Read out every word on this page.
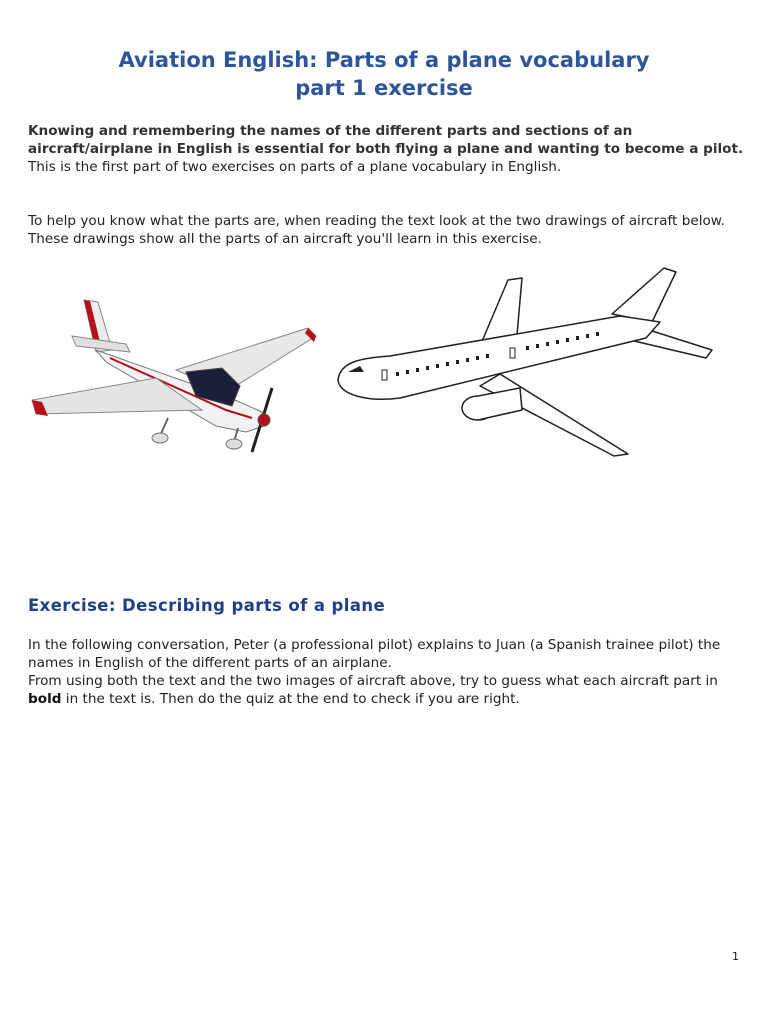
Aviation English: Parts of a plane vocabulary
part 1 exercise

Knowing and remembering the names of the different parts and sections of an aircraft/airplane in English is essential for both flying a plane and wanting to become a pilot.
This is the first part of two exercises on parts of a plane vocabulary in English.

To help you know what the parts are, when reading the text look at the two drawings of aircraft below. These drawings show all the parts of an aircraft you'll learn in this exercise.

Exercise: Describing parts of a plane

In the following conversation, Peter (a professional pilot) explains to Juan (a Spanish trainee pilot) the names in English of the different parts of an airplane.
From using both the text and the two images of aircraft above, try to guess what each aircraft part in bold in the text is. Then do the quiz at the end to check if you are right.

1
